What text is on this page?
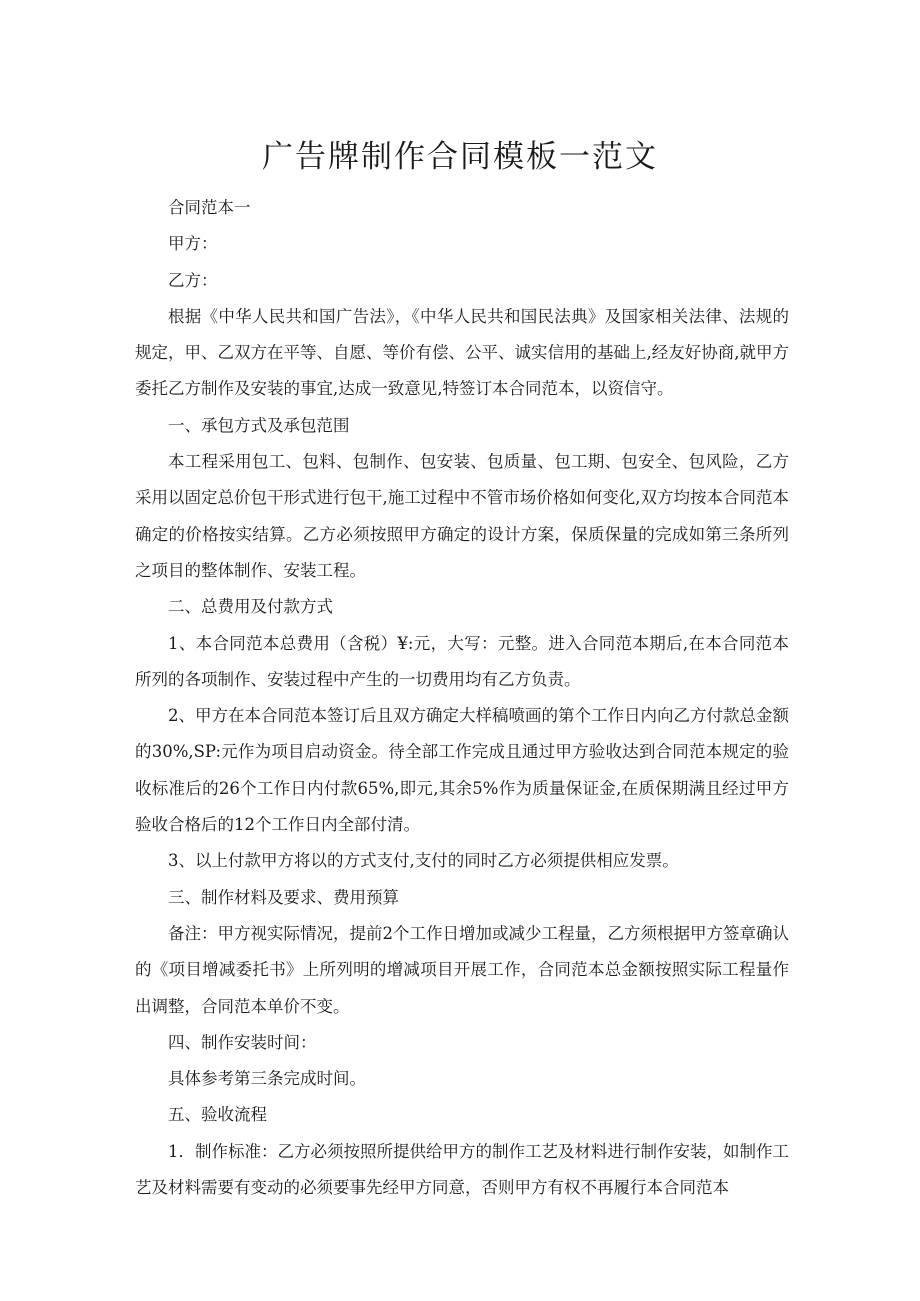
广告牌制作合同模板一范文

合同范本一

甲方：

乙方：

根据《中华人民共和国广告法》，《中华人民共和国民法典》及国家相关法律、法规的规定，甲、乙双方在平等、自愿、等价有偿、公平、诚实信用的基础上,经友好协商,就甲方委托乙方制作及安装的事宜,达成一致意见,特签订本合同范本，以资信守。

一、承包方式及承包范围

本工程采用包工、包料、包制作、包安装、包质量、包工期、包安全、包风险，乙方采用以固定总价包干形式进行包干,施工过程中不管市场价格如何变化,双方均按本合同范本确定的价格按实结算。乙方必须按照甲方确定的设计方案，保质保量的完成如第三条所列之项目的整体制作、安装工程。

二、总费用及付款方式

1、本合同范本总费用（含税）¥:元，大写：元整。进入合同范本期后,在本合同范本所列的各项制作、安装过程中产生的一切费用均有乙方负责。

2、甲方在本合同范本签订后且双方确定大样稿喷画的第个工作日内向乙方付款总金额的30%,SP:元作为项目启动资金。待全部工作完成且通过甲方验收达到合同范本规定的验收标准后的26个工作日内付款65%,即元,其余5%作为质量保证金,在质保期满且经过甲方验收合格后的12个工作日内全部付清。

3、以上付款甲方将以的方式支付,支付的同时乙方必须提供相应发票。

三、制作材料及要求、费用预算

备注：甲方视实际情况，提前2个工作日增加或减少工程量，乙方须根据甲方签章确认的《项目增减委托书》上所列明的增减项目开展工作，合同范本总金额按照实际工程量作出调整，合同范本单价不变。

四、制作安装时间：

具体参考第三条完成时间。

五、验收流程

1．制作标准：乙方必须按照所提供给甲方的制作工艺及材料进行制作安装，如制作工艺及材料需要有变动的必须要事先经甲方同意，否则甲方有权不再履行本合同范本
